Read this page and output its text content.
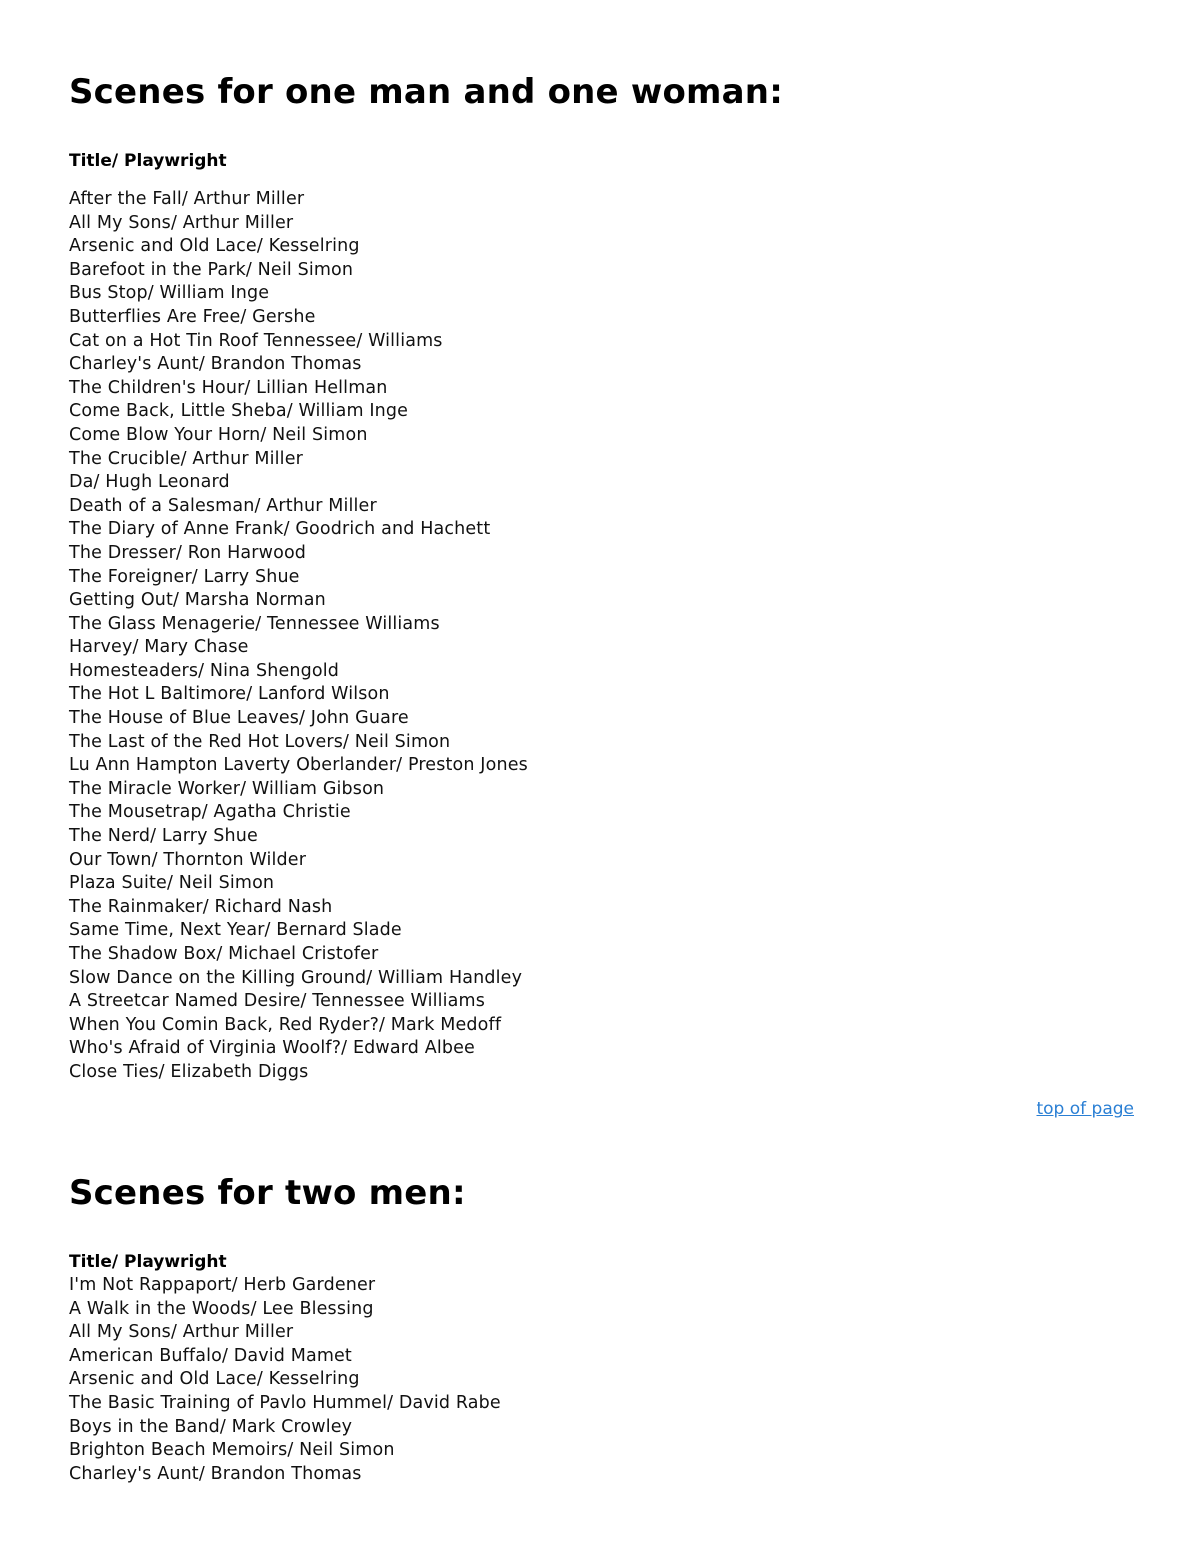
Scenes for one man and one woman:
Title/ Playwright
After the Fall/ Arthur Miller
All My Sons/ Arthur Miller
Arsenic and Old Lace/ Kesselring
Barefoot in the Park/ Neil Simon
Bus Stop/ William Inge
Butterflies Are Free/ Gershe
Cat on a Hot Tin Roof Tennessee/ Williams
Charley's Aunt/ Brandon Thomas
The Children's Hour/ Lillian Hellman
Come Back, Little Sheba/ William Inge
Come Blow Your Horn/ Neil Simon
The Crucible/ Arthur Miller
Da/ Hugh Leonard
Death of a Salesman/ Arthur Miller
The Diary of Anne Frank/ Goodrich and Hachett
The Dresser/ Ron Harwood
The Foreigner/ Larry Shue
Getting Out/ Marsha Norman
The Glass Menagerie/ Tennessee Williams
Harvey/ Mary Chase
Homesteaders/ Nina Shengold
The Hot L Baltimore/ Lanford Wilson
The House of Blue Leaves/ John Guare
The Last of the Red Hot Lovers/ Neil Simon
Lu Ann Hampton Laverty Oberlander/ Preston Jones
The Miracle Worker/ William Gibson
The Mousetrap/ Agatha Christie
The Nerd/ Larry Shue
Our Town/ Thornton Wilder
Plaza Suite/ Neil Simon
The Rainmaker/ Richard Nash
Same Time, Next Year/ Bernard Slade
The Shadow Box/ Michael Cristofer
Slow Dance on the Killing Ground/ William Handley
A Streetcar Named Desire/ Tennessee Williams
When You Comin Back, Red Ryder?/ Mark Medoff
Who's Afraid of Virginia Woolf?/ Edward Albee
Close Ties/ Elizabeth Diggs
top of page
Scenes for two men:
Title/ Playwright
I'm Not Rappaport/ Herb Gardener
A Walk in the Woods/ Lee Blessing
All My Sons/ Arthur Miller
American Buffalo/ David Mamet
Arsenic and Old Lace/ Kesselring
The Basic Training of Pavlo Hummel/ David Rabe
Boys in the Band/ Mark Crowley
Brighton Beach Memoirs/ Neil Simon
Charley's Aunt/ Brandon Thomas
